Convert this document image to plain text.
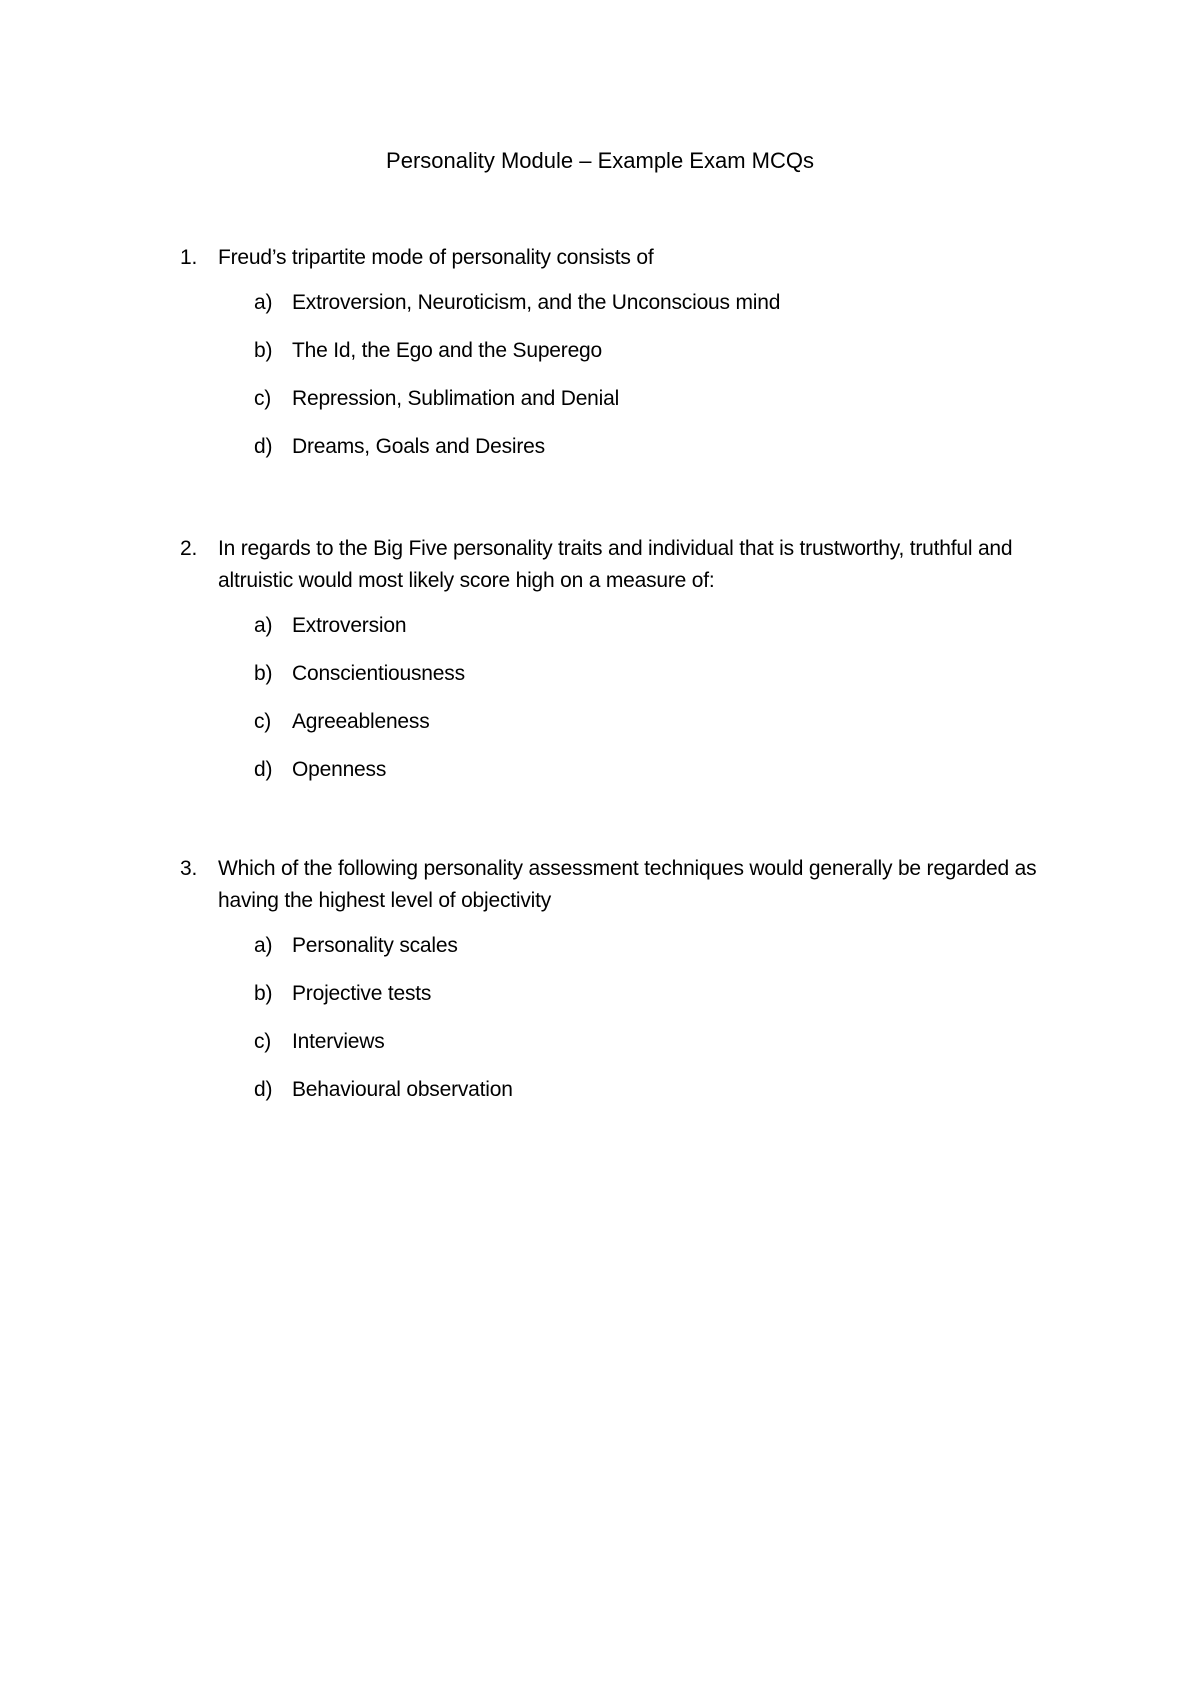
Personality Module – Example Exam MCQs
1. Freud’s tripartite mode of personality consists of
a) Extroversion, Neuroticism, and the Unconscious mind
b) The Id, the Ego and the Superego
c) Repression, Sublimation and Denial
d) Dreams, Goals and Desires
2. In regards to the Big Five personality traits and individual that is trustworthy, truthful and altruistic would most likely score high on a measure of:
a) Extroversion
b) Conscientiousness
c) Agreeableness
d) Openness
3. Which of the following personality assessment techniques would generally be regarded as having the highest level of objectivity
a) Personality scales
b) Projective tests
c) Interviews
d) Behavioural observation
